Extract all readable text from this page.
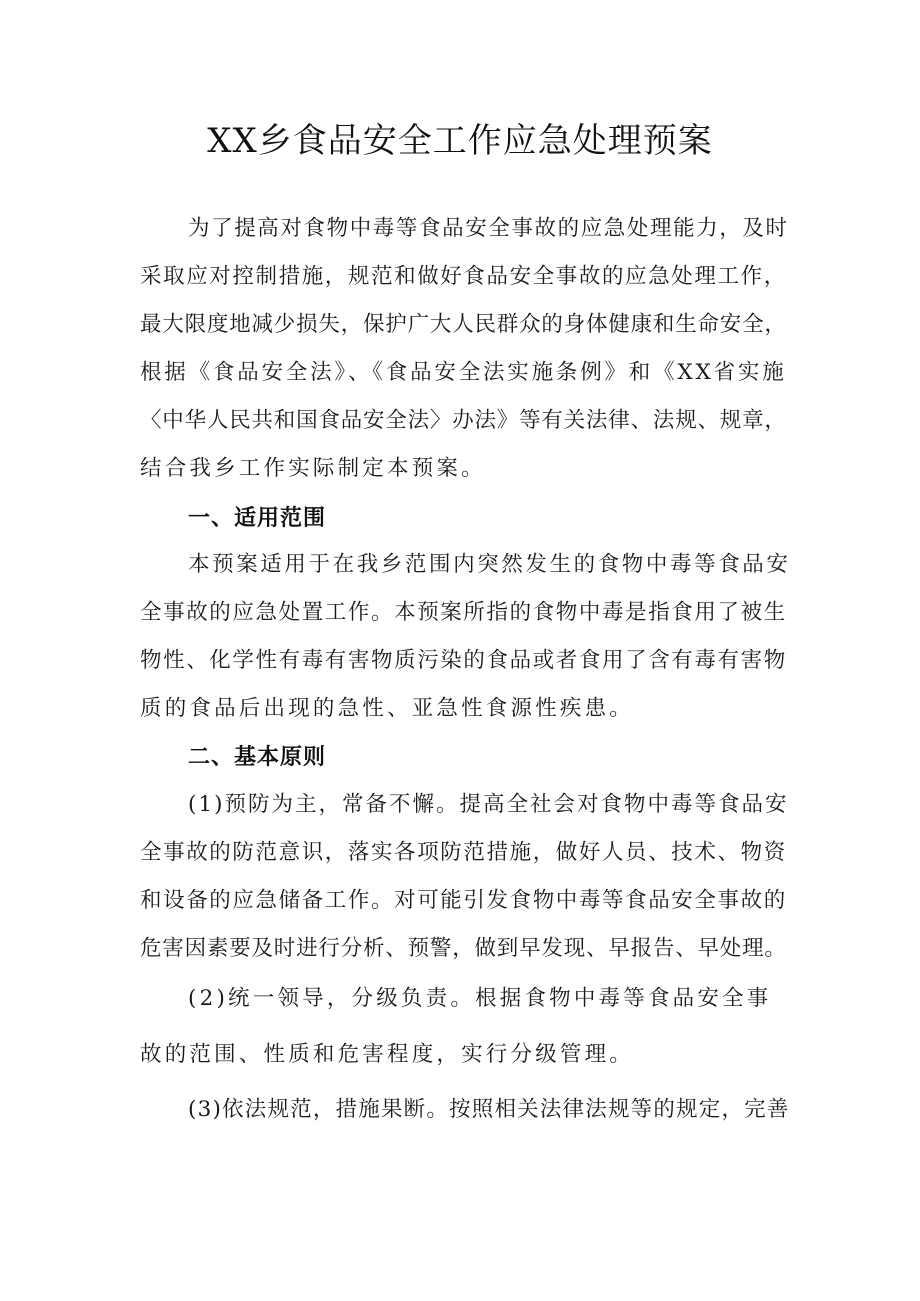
XX乡食品安全工作应急处理预案
为了提高对食物中毒等食品安全事故的应急处理能力，及时
采取应对控制措施，规范和做好食品安全事故的应急处理工作，
最大限度地减少损失，保护广大人民群众的身体健康和生命安全，
根据《食品安全法》、《食品安全法实施条例》和《XX省实施
〈中华人民共和国食品安全法〉办法》等有关法律、法规、规章，
结合我乡工作实际制定本预案。
一、适用范围
本预案适用于在我乡范围内突然发生的食物中毒等食品安
全事故的应急处置工作。本预案所指的食物中毒是指食用了被生
物性、化学性有毒有害物质污染的食品或者食用了含有毒有害物
质的食品后出现的急性、亚急性食源性疾患。
二、基本原则
(1)预防为主，常备不懈。提高全社会对食物中毒等食品安
全事故的防范意识，落实各项防范措施，做好人员、技术、物资
和设备的应急储备工作。对可能引发食物中毒等食品安全事故的
危害因素要及时进行分析、预警，做到早发现、早报告、早处理。
(2)统一领导，分级负责。根据食物中毒等食品安全事
故的范围、性质和危害程度，实行分级管理。
(3)依法规范，措施果断。按照相关法律法规等的规定，完善
